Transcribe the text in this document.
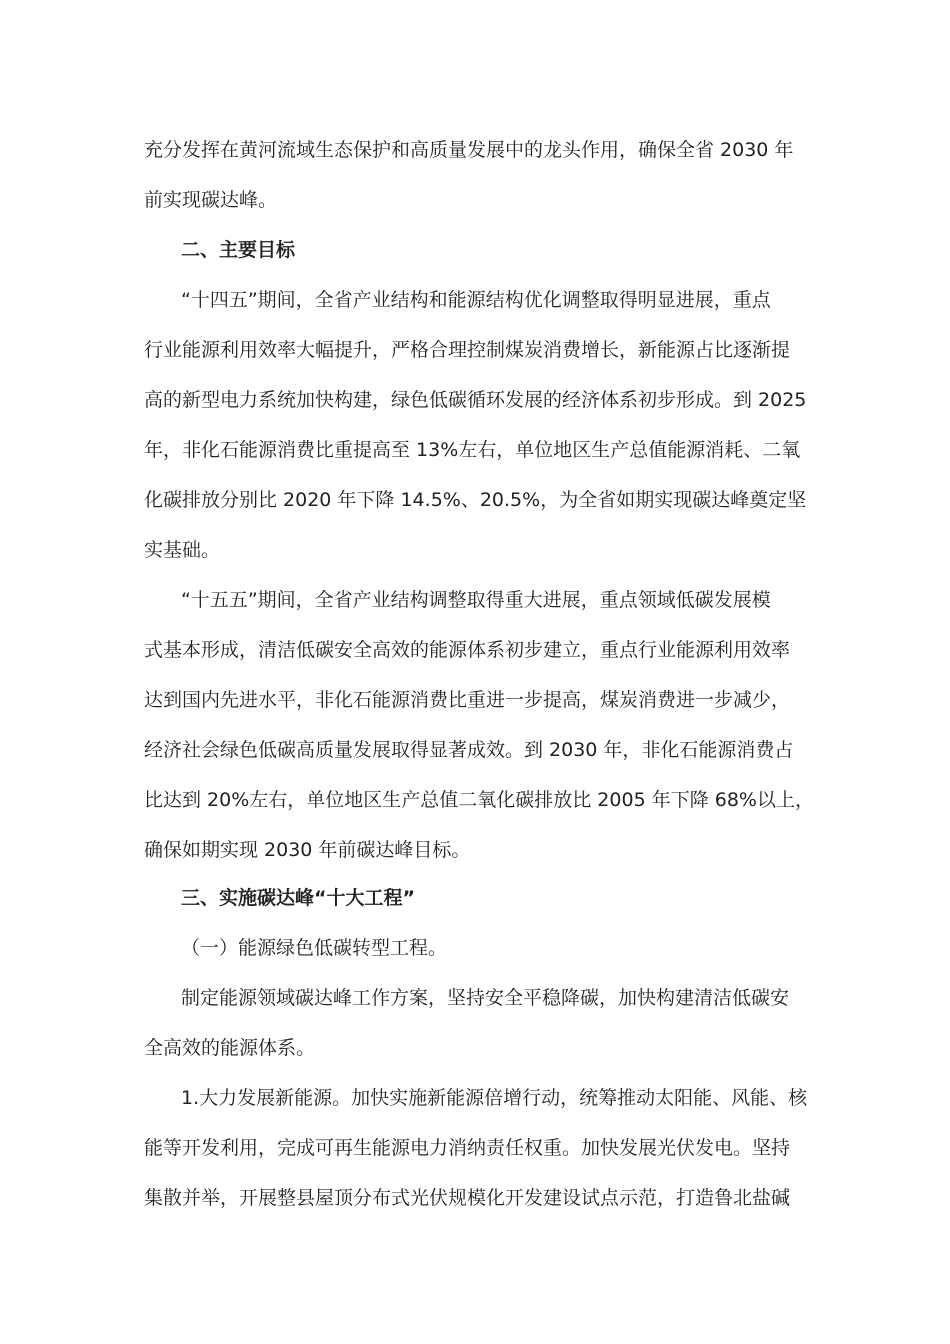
充分发挥在黄河流域生态保护和高质量发展中的龙头作用，确保全省 2030 年
前实现碳达峰。
二、主要目标
“十四五”期间，全省产业结构和能源结构优化调整取得明显进展，重点
行业能源利用效率大幅提升，严格合理控制煤炭消费增长，新能源占比逐渐提
高的新型电力系统加快构建，绿色低碳循环发展的经济体系初步形成。到 2025
年，非化石能源消费比重提高至 13%左右，单位地区生产总值能源消耗、二氧
化碳排放分别比 2020 年下降 14.5%、20.5%，为全省如期实现碳达峰奠定坚
实基础。
“十五五”期间，全省产业结构调整取得重大进展，重点领域低碳发展模
式基本形成，清洁低碳安全高效的能源体系初步建立，重点行业能源利用效率
达到国内先进水平，非化石能源消费比重进一步提高，煤炭消费进一步减少，
经济社会绿色低碳高质量发展取得显著成效。到 2030 年，非化石能源消费占
比达到 20%左右，单位地区生产总值二氧化碳排放比 2005 年下降 68%以上，
确保如期实现 2030 年前碳达峰目标。
三、实施碳达峰“十大工程”
（一）能源绿色低碳转型工程。
制定能源领域碳达峰工作方案，坚持安全平稳降碳，加快构建清洁低碳安
全高效的能源体系。
1.大力发展新能源。加快实施新能源倍增行动，统筹推动太阳能、风能、核
能等开发利用，完成可再生能源电力消纳责任权重。加快发展光伏发电。坚持
集散并举，开展整县屋顶分布式光伏规模化开发建设试点示范，打造鲁北盐碱
